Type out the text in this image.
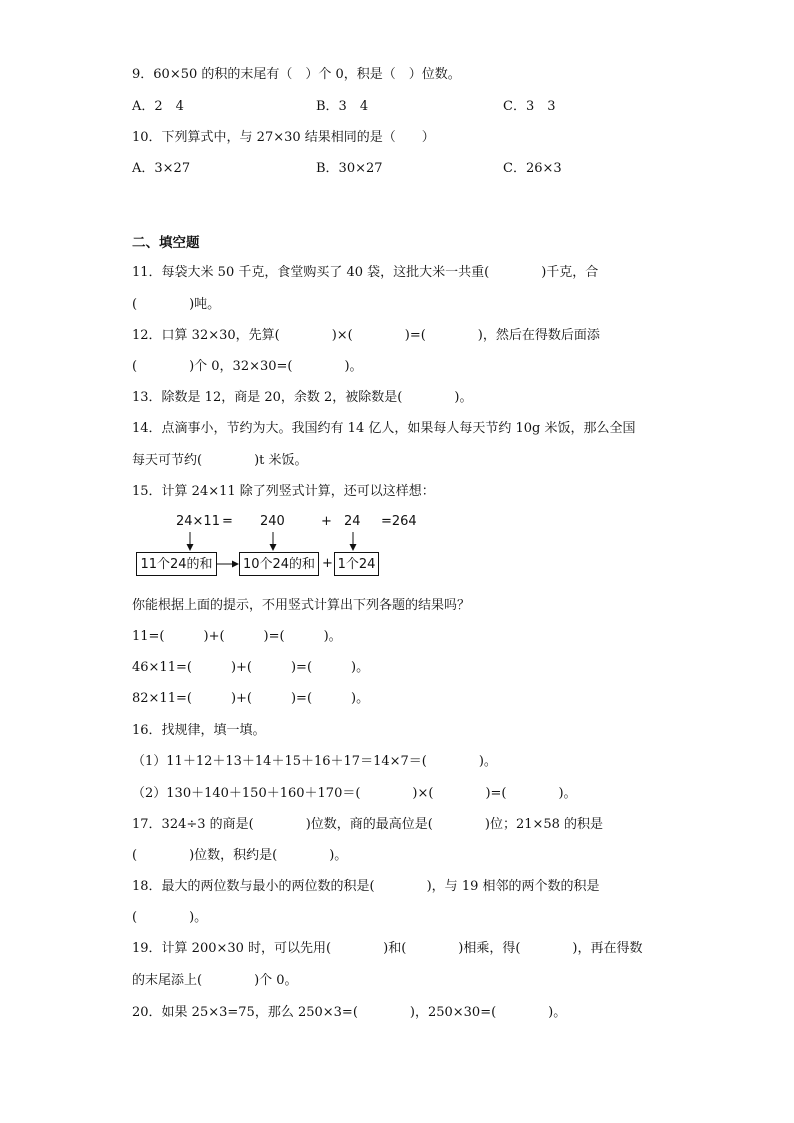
9．60×50 的积的末尾有（　）个 0，积是（　）位数。
A．2　4	B．3　4	C．3　3
10．下列算式中，与 27×30 结果相同的是（　　）
A．3×27	B．30×27	C．26×3
二、填空题
11．每袋大米 50 千克，食堂购买了 40 袋，这批大米一共重(　　　　)千克，合
(　　　　)吨。
12．口算 32×30，先算(　　　　)×(　　　　)=(　　　　)，然后在得数后面添
(　　　　)个 0，32×30=(　　　　)。
13．除数是 12，商是 20，余数 2，被除数是(　　　　)。
14．点滴事小，节约为大。我国约有 14 亿人，如果每人每天节约 10g 米饭，那么全国
每天可节约(　　　　)t 米饭。
15．计算 24×11 除了列竖式计算，还可以这样想：
24×11 = 240	+ 24 =264
11个24的和	10个24的和 + 1个24
你能根据上面的提示，不用竖式计算出下列各题的结果吗？
11=(　　　)+(　　　)=(　　　)。
46×11=(　　　)+(　　　)=(　　　)。
82×11=(　　　)+(　　　)=(　　　)。
16．找规律，填一填。
（1）11＋12＋13＋14＋15＋16＋17＝14×7＝(　　　　)。
（2）130＋140＋150＋160＋170＝(　　　　)×(　　　　)=(　　　　)。
17．324÷3 的商是(　　　　)位数，商的最高位是(　　　　)位；21×58 的积是
(　　　　)位数，积约是(　　　　)。
18．最大的两位数与最小的两位数的积是(　　　　)，与 19 相邻的两个数的积是
(　　　　)。
19．计算 200×30 时，可以先用(　　　　)和(　　　　)相乘，得(　　　　)，再在得数
的末尾添上(　　　　)个 0。
20．如果 25×3=75，那么 250×3=(　　　　)，250×30=(　　　　)。
